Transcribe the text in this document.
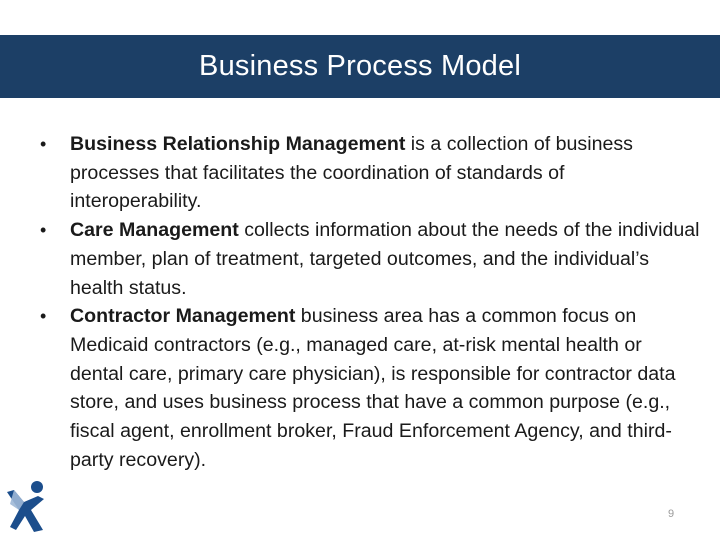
Business Process Model
•	Business Relationship Management is a collection of business processes that facilitates the coordination of standards of interoperability.
•	Care Management collects information about the needs of the individual member, plan of treatment, targeted outcomes, and the individual’s health status.
•	Contractor Management business area has a common focus on Medicaid contractors (e.g., managed care, at-risk mental health or dental care, primary care physician), is responsible for contractor data store, and uses business process that have a common purpose (e.g., fiscal agent, enrollment broker, Fraud Enforcement Agency, and third-party recovery).
9
